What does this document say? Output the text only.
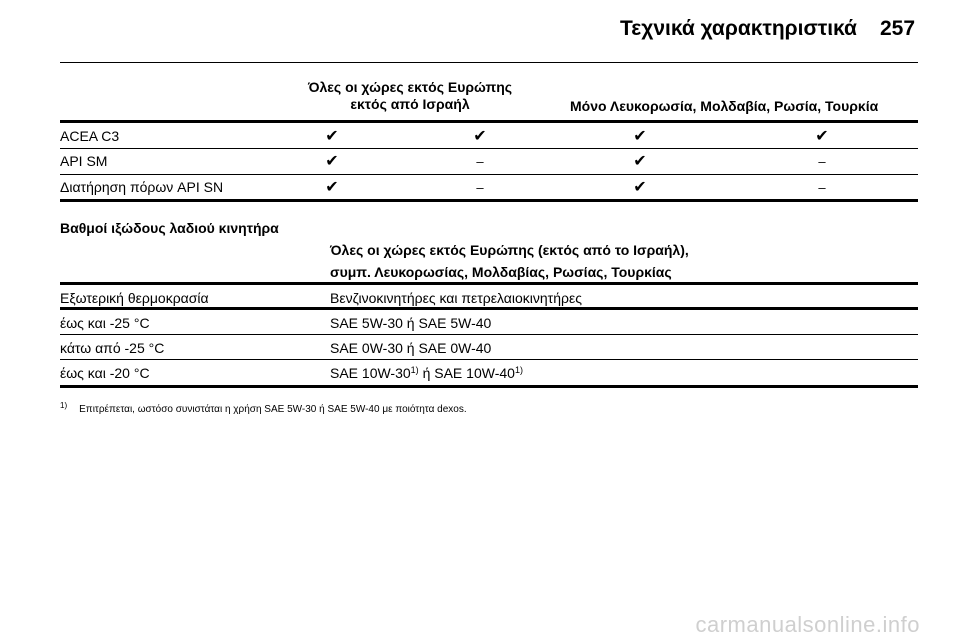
Τεχνικά χαρακτηριστικά 257
Όλες οι χώρες εκτός Ευρώπης
εκτός από Ισραήλ	Μόνο Λευκορωσία, Μολδαβία, Ρωσία, Τουρκία
ACEA C3	✔	✔	✔	✔
API SM	✔	–	✔	–
Διατήρηση πόρων API SN	✔	–	✔	–
Βαθμοί ιξώδους λαδιού κινητήρα
Όλες οι χώρες εκτός Ευρώπης (εκτός από το Ισραήλ),
συμπ. Λευκορωσίας, Μολδαβίας, Ρωσίας, Τουρκίας
Εξωτερική θερμοκρασία	Βενζινοκινητήρες και πετρελαιοκινητήρες
έως και -25 °C	SAE 5W-30 ή SAE 5W-40
κάτω από -25 °C	SAE 0W-30 ή SAE 0W-40
έως και -20 °C	SAE 10W-30$^{1)}$ ή SAE 10W-40$^{1)}$
$^{1)}$ Επιτρέπεται, ωστόσο συνιστάται η χρήση SAE 5W-30 ή SAE 5W-40 με ποιότητα dexos.
carmanualsonline.info
